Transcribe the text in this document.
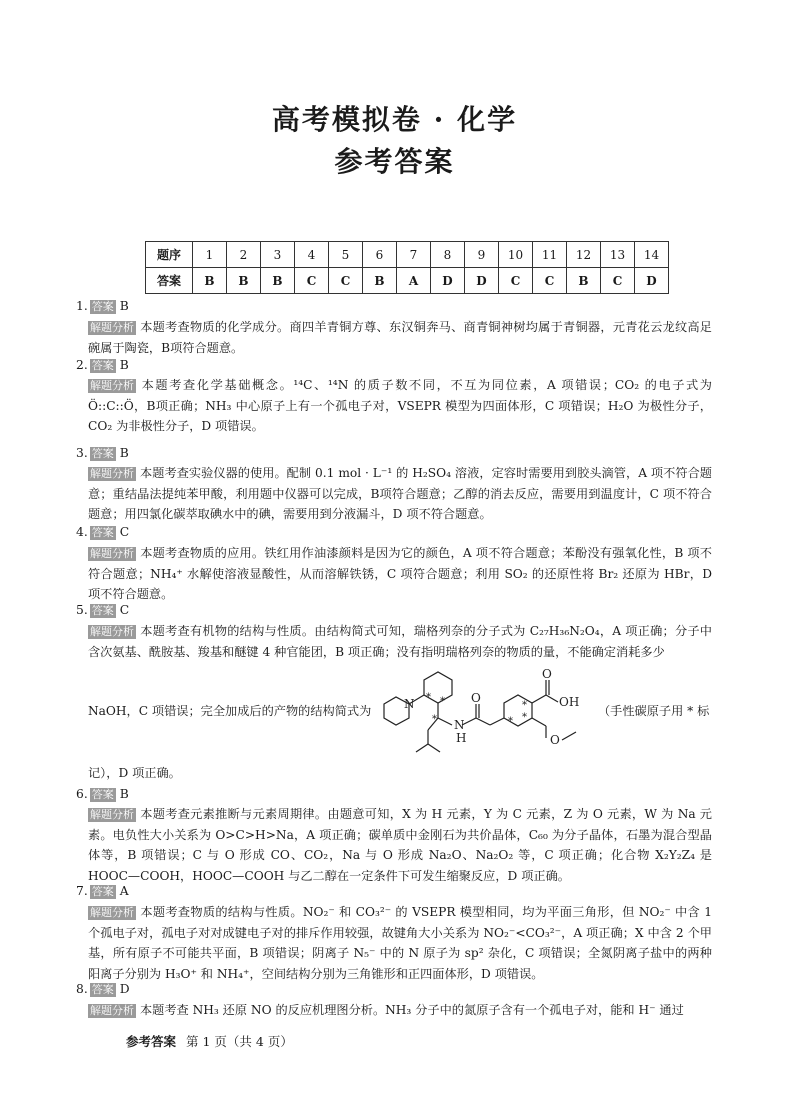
高考模拟卷 · 化学
参考答案
题序	1	2	3	4	5	6	7	8	9	10	11	12	13	14
答案	B	B	B	C	C	B	A	D	D	C	C	B	C	D
1. 答案 B
解题分析 本题考查物质的化学成分。商四羊青铜方尊、东汉铜奔马、商青铜神树均属于青铜器，元青花云龙纹高足碗属于陶瓷，B项符合题意。
2. 答案 B
解题分析 本题考查化学基础概念。¹⁴C、¹⁴N 的质子数不同，不互为同位素，A 项错误；CO₂ 的电子式为 Ö::C::Ö，B项正确；NH₃ 中心原子上有一个孤电子对，VSEPR 模型为四面体形，C 项错误；H₂O 为极性分子，CO₂ 为非极性分子，D 项错误。
3. 答案 B
解题分析 本题考查实验仪器的使用。配制 0.1 mol · L⁻¹ 的 H₂SO₄ 溶液，定容时需要用到胶头滴管，A 项不符合题意；重结晶法提纯苯甲酸，利用题中仪器可以完成，B项符合题意；乙醇的消去反应，需要用到温度计，C 项不符合题意；用四氯化碳萃取碘水中的碘，需要用到分液漏斗，D 项不符合题意。
4. 答案 C
解题分析 本题考查物质的应用。铁红用作油漆颜料是因为它的颜色，A 项不符合题意；苯酚没有强氧化性，B 项不符合题意；NH₄⁺ 水解使溶液显酸性，从而溶解铁锈，C 项符合题意；利用 SO₂ 的还原性将 Br₂ 还原为 HBr，D 项不符合题意。
5. 答案 C
解题分析 本题考查有机物的结构与性质。由结构简式可知，瑞格列奈的分子式为 C₂₇H₃₆N₂O₄，A 项正确；分子中含次氨基、酰胺基、羧基和醚键 4 种官能团，B 项正确；没有指明瑞格列奈的物质的量，不能确定消耗多少
NaOH，C 项错误；完全加成后的产物的结构简式为	N
N
H
O
O
OH
O
*
*
*
*
*
*
（手性碳原子用 * 标
记），D 项正确。
6. 答案 B
解题分析 本题考查元素推断与元素周期律。由题意可知，X 为 H 元素，Y 为 C 元素，Z 为 O 元素，W 为 Na 元素。电负性大小关系为 O>C>H>Na，A 项正确；碳单质中金刚石为共价晶体，C₆₀ 为分子晶体，石墨为混合型晶体等，B 项错误；C 与 O 形成 CO、CO₂，Na 与 O 形成 Na₂O、Na₂O₂ 等，C 项正确；化合物 X₂Y₂Z₄ 是 HOOC—COOH，HOOC—COOH 与乙二醇在一定条件下可发生缩聚反应，D 项正确。
7. 答案 A
解题分析 本题考查物质的结构与性质。NO₂⁻ 和 CO₃²⁻ 的 VSEPR 模型相同，均为平面三角形，但 NO₂⁻ 中含 1 个孤电子对，孤电子对对成键电子对的排斥作用较强，故键角大小关系为 NO₂⁻<CO₃²⁻，A 项正确；X 中含 2 个甲基，所有原子不可能共平面，B 项错误；阴离子 N₅⁻ 中的 N 原子为 sp² 杂化，C 项错误；全氮阴离子盐中的两种阳离子分别为 H₃O⁺ 和 NH₄⁺，空间结构分别为三角锥形和正四面体形，D 项错误。
8. 答案 D
解题分析 本题考查 NH₃ 还原 NO 的反应机理图分析。NH₃ 分子中的氮原子含有一个孤电子对，能和 H⁻ 通过
参考答案 第 1 页（共 4 页）
